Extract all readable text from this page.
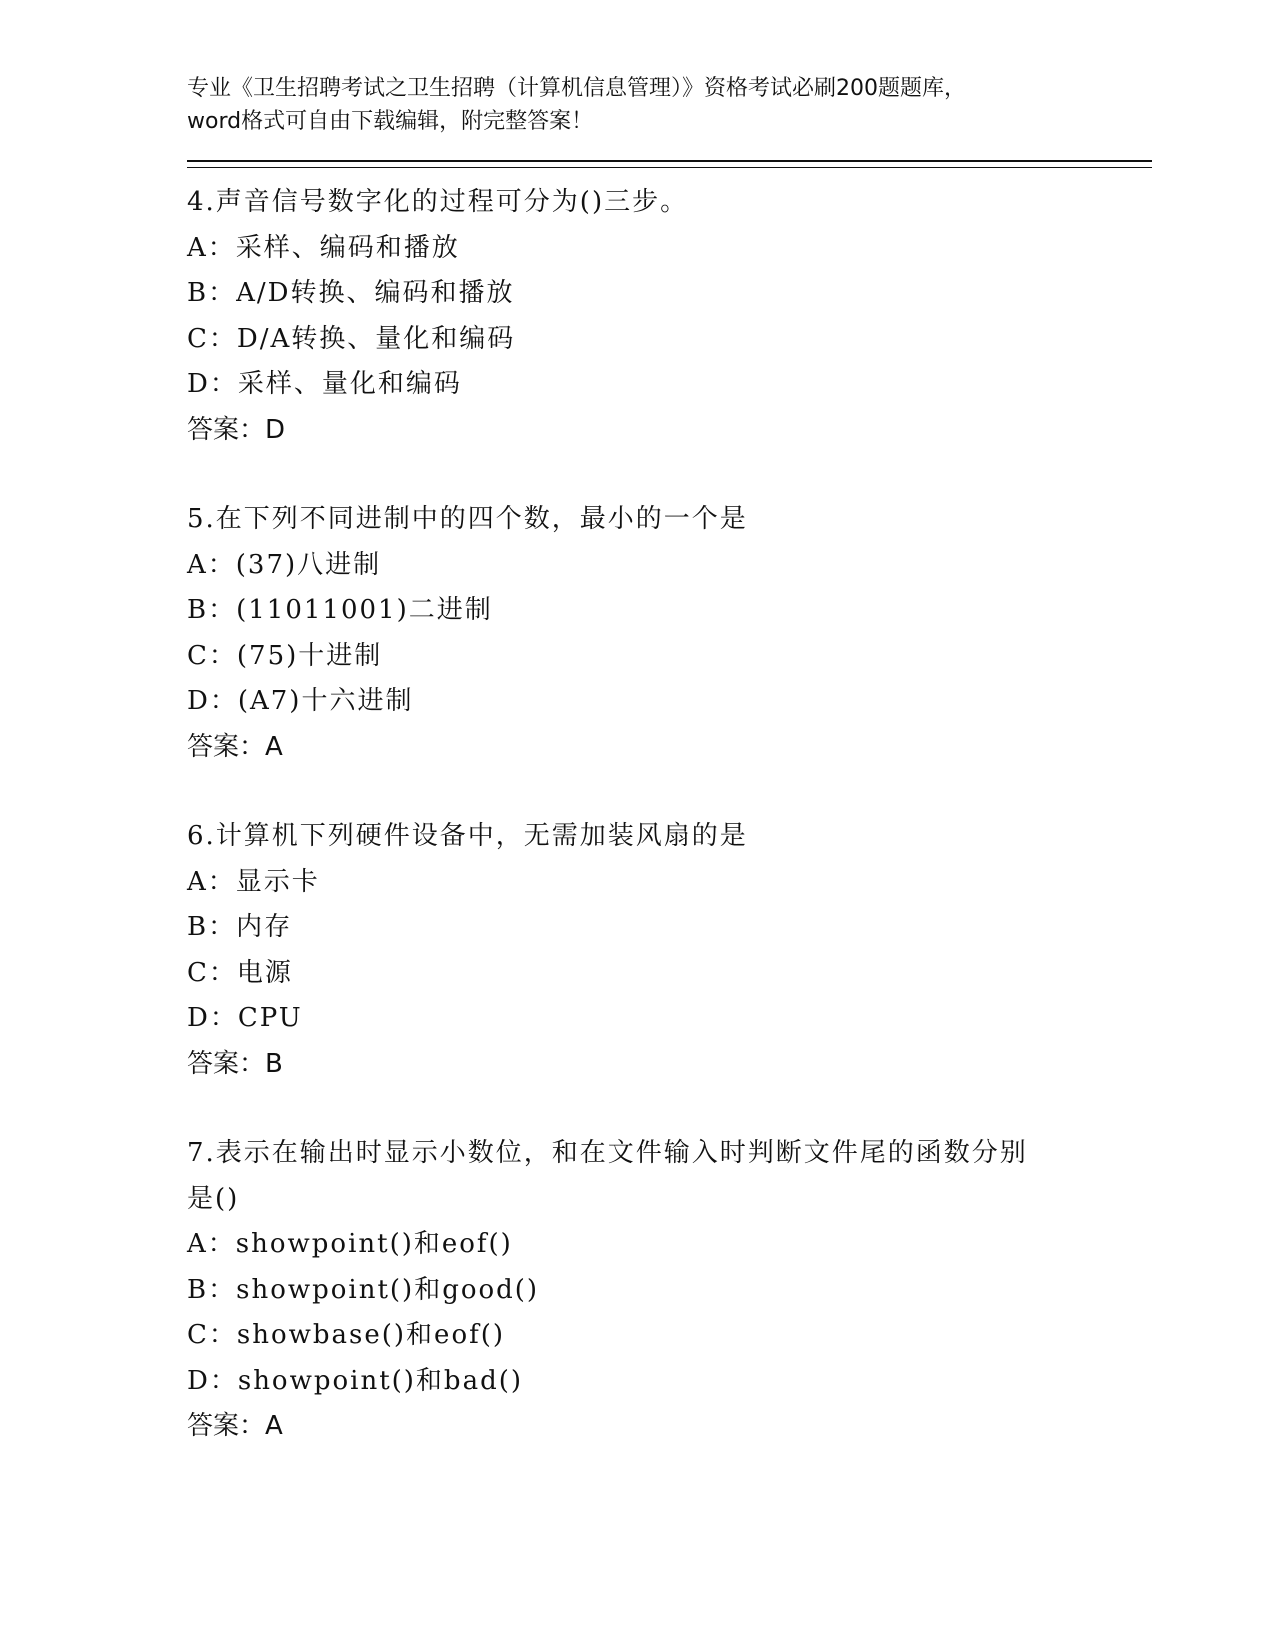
专业《卫生招聘考试之卫生招聘（计算机信息管理）》资格考试必刷200题题库，
word格式可自由下载编辑，附完整答案！
4.声音信号数字化的过程可分为()三步。
A：采样、编码和播放
B：A/D转换、编码和播放
C：D/A转换、量化和编码
D：采样、量化和编码
答案：D
5.在下列不同进制中的四个数，最小的一个是
A：(37)八进制
B：(11011001)二进制
C：(75)十进制
D：(A7)十六进制
答案：A
6.计算机下列硬件设备中，无需加装风扇的是
A：显示卡
B：内存
C：电源
D：CPU
答案：B
7.表示在输出时显示小数位，和在文件输入时判断文件尾的函数分别
是()
A：showpoint()和eof()
B：showpoint()和good()
C：showbase()和eof()
D：showpoint()和bad()
答案：A
